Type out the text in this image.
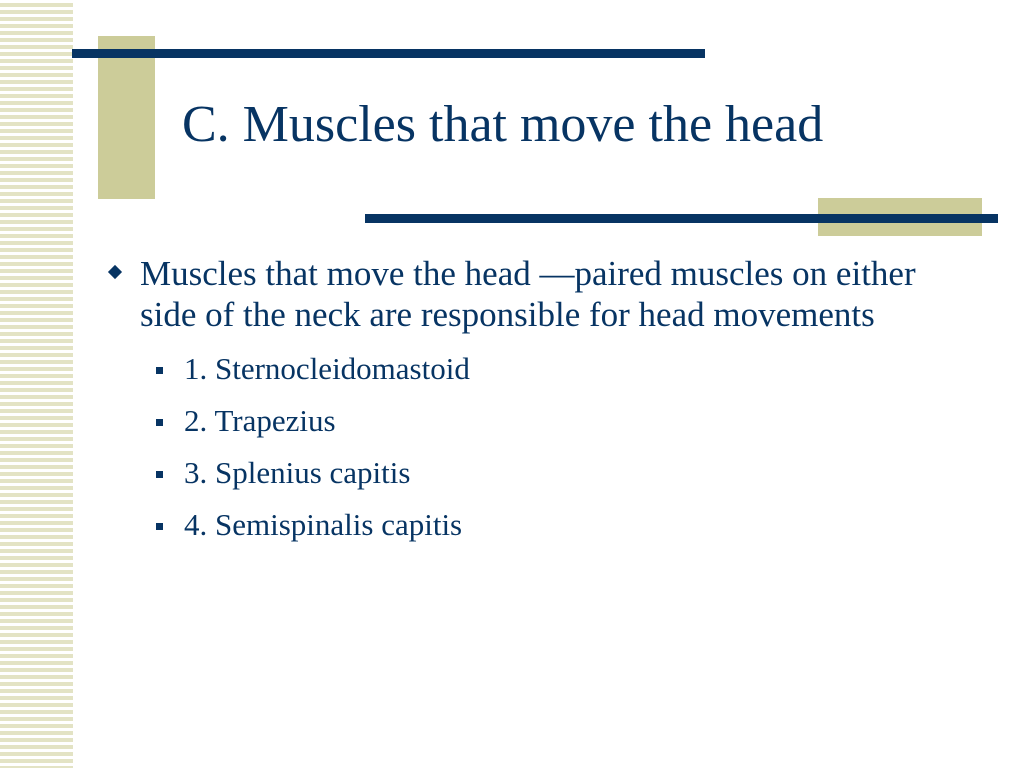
C. Muscles that move the head
Muscles that move the head —paired muscles on either side of the neck are responsible for head movements
1. Sternocleidomastoid
2. Trapezius
3. Splenius capitis
4. Semispinalis capitis
